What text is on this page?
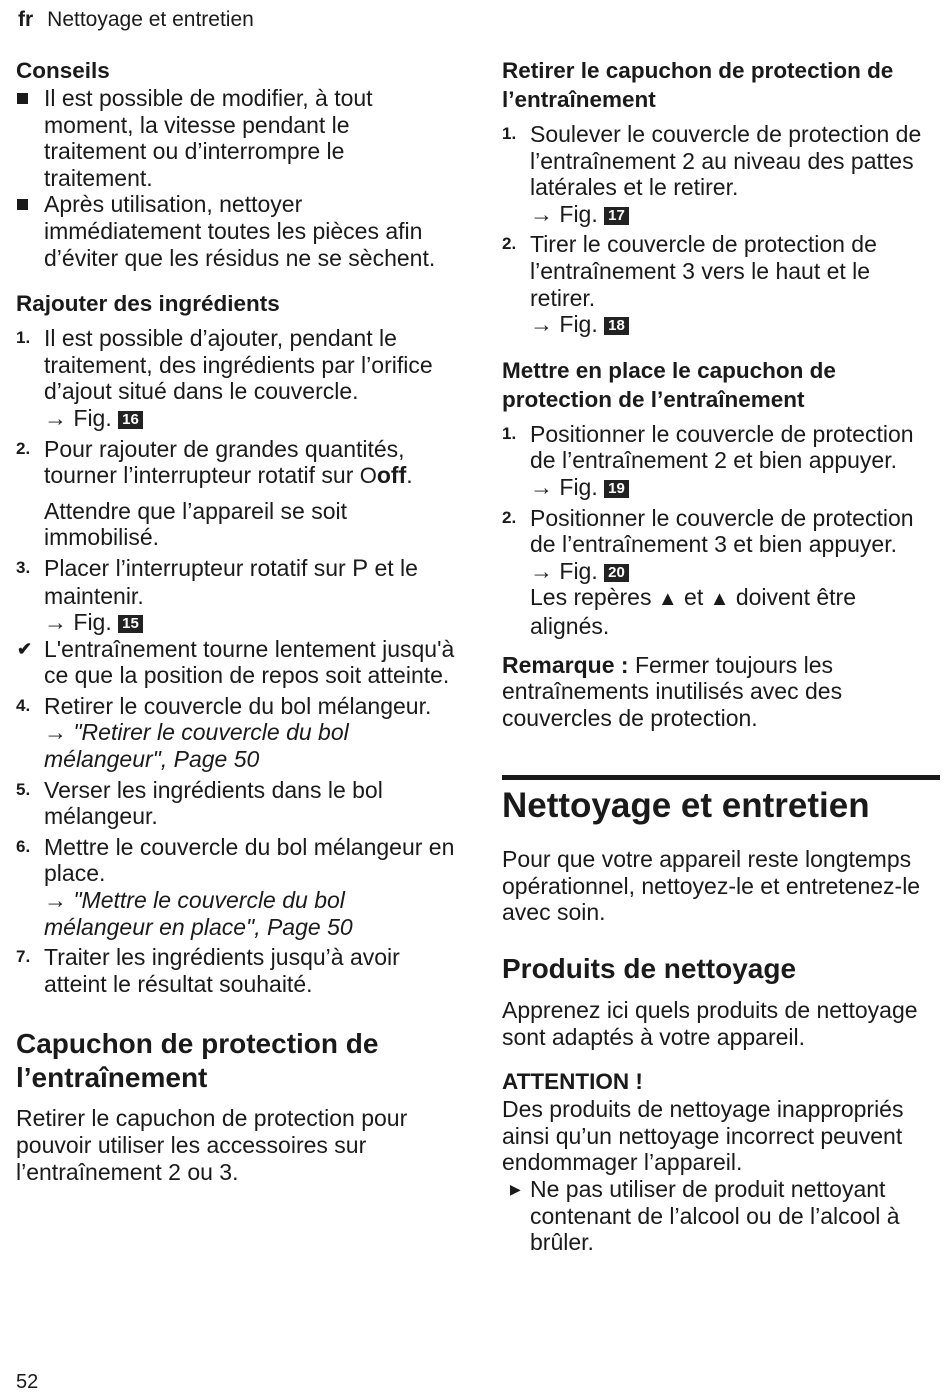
fr Nettoyage et entretien
Conseils
Il est possible de modifier, à tout moment, la vitesse pendant le traitement ou d’interrompre le traitement.
Après utilisation, nettoyer immédiatement toutes les pièces afin d’éviter que les résidus ne se sèchent.
Rajouter des ingrédients
1. Il est possible d’ajouter, pendant le traitement, des ingrédients par l’orifice d’ajout situé dans le couvercle.
→ Fig. 16
2. Pour rajouter de grandes quantités, tourner l’interrupteur rotatif sur Ooff.
Attendre que l’appareil se soit immobilisé.
3. Placer l’interrupteur rotatif sur P et le maintenir.
→ Fig. 15
✔ L'entraînement tourne lentement jusqu'à ce que la position de repos soit atteinte.
4. Retirer le couvercle du bol mélangeur.
→ "Retirer le couvercle du bol mélangeur", Page 50
5. Verser les ingrédients dans le bol mélangeur.
6. Mettre le couvercle du bol mélangeur en place.
→ "Mettre le couvercle du bol mélangeur en place", Page 50
7. Traiter les ingrédients jusqu’à avoir atteint le résultat souhaité.
Capuchon de protection de l’entraînement
Retirer le capuchon de protection pour pouvoir utiliser les accessoires sur l’entraînement 2 ou 3.
Retirer le capuchon de protection de l’entraînement
1. Soulever le couvercle de protection de l’entraînement 2 au niveau des pattes latérales et le retirer.
→ Fig. 17
2. Tirer le couvercle de protection de l’entraînement 3 vers le haut et le retirer.
→ Fig. 18
Mettre en place le capuchon de protection de l’entraînement
1. Positionner le couvercle de protection de l’entraînement 2 et bien appuyer.
→ Fig. 19
2. Positionner le couvercle de protection de l’entraînement 3 et bien appuyer.
→ Fig. 20
Les repères ▲ et ▲ doivent être alignés.
Remarque : Fermer toujours les entraînements inutilisés avec des couvercles de protection.
Nettoyage et entretien
Pour que votre appareil reste longtemps opérationnel, nettoyez-le et entretenez-le avec soin.
Produits de nettoyage
Apprenez ici quels produits de nettoyage sont adaptés à votre appareil.
ATTENTION !
Des produits de nettoyage inappropriés ainsi qu’un nettoyage incorrect peuvent endommager l’appareil.
▶ Ne pas utiliser de produit nettoyant contenant de l’alcool ou de l’alcool à brûler.
52
